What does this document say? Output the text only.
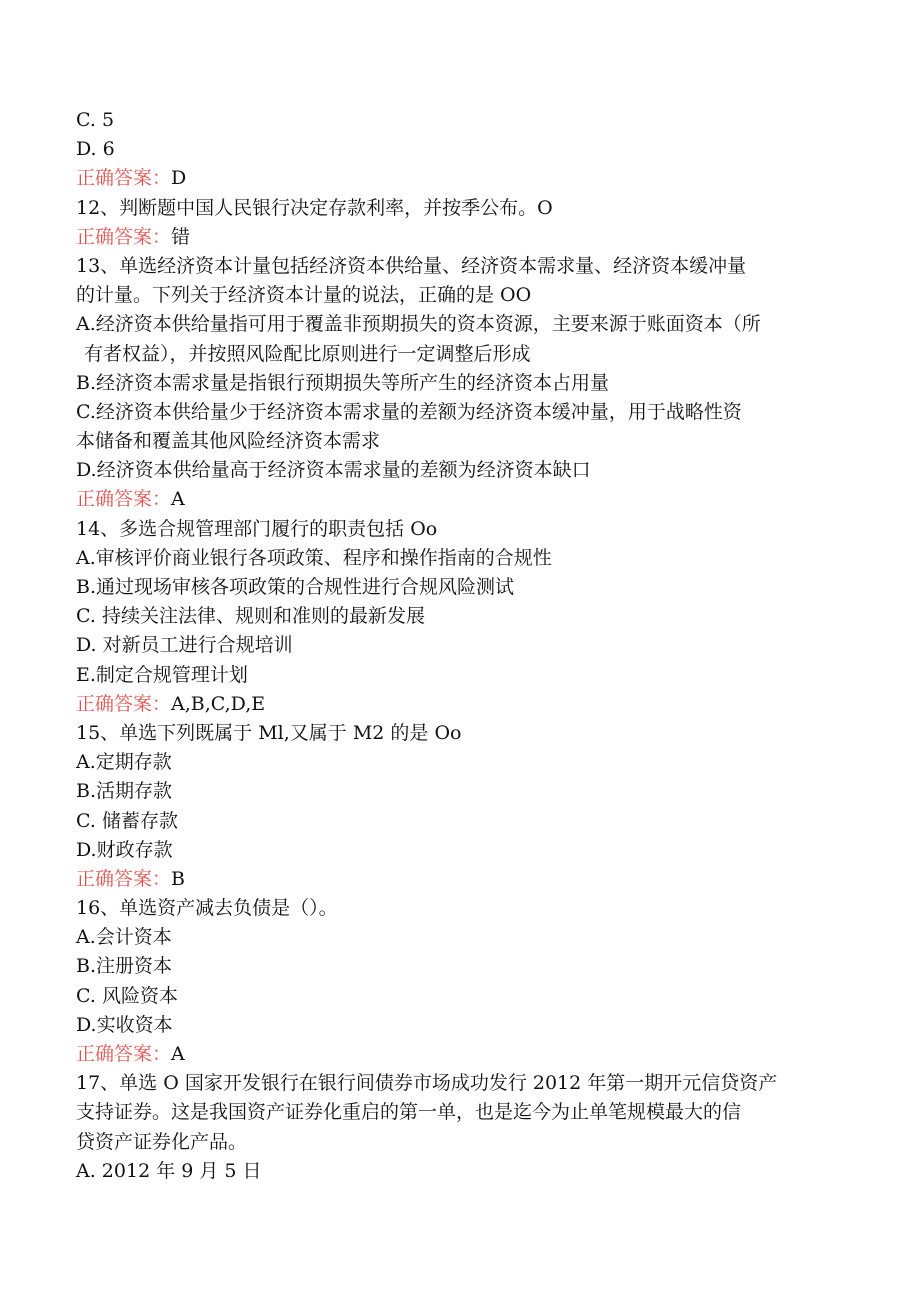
C. 5
D. 6
正确答案：D
12、判断题中国人民银行决定存款利率，并按季公布。O
正确答案：错
13、单选经济资本计量包括经济资本供给量、经济资本需求量、经济资本缓冲量
的计量。下列关于经济资本计量的说法，正确的是 OO
A.经济资本供给量指可用于覆盖非预期损失的资本资源，主要来源于账面资本（所
有者权益），并按照风险配比原则进行一定调整后形成
B.经济资本需求量是指银行预期损失等所产生的经济资本占用量
C.经济资本供给量少于经济资本需求量的差额为经济资本缓冲量，用于战略性资
本储备和覆盖其他风险经济资本需求
D.经济资本供给量高于经济资本需求量的差额为经济资本缺口
正确答案：A
14、多选合规管理部门履行的职责包括 Oo
A.审核评价商业银行各项政策、程序和操作指南的合规性
B.通过现场审核各项政策的合规性进行合规风险测试
C. 持续关注法律、规则和准则的最新发展
D. 对新员工进行合规培训
E.制定合规管理计划
正确答案：A,B,C,D,E
15、单选下列既属于 Ml,又属于 M2 的是 Oo
A.定期存款
B.活期存款
C. 储蓄存款
D.财政存款
正确答案：B
16、单选资产减去负债是（）。
A.会计资本
B.注册资本
C. 风险资本
D.实收资本
正确答案：A
17、单选 O 国家开发银行在银行间债券市场成功发行 2012 年第一期开元信贷资产
支持证券。这是我国资产证券化重启的第一单，也是迄今为止单笔规模最大的信
贷资产证券化产品。
A. 2012 年 9 月 5 日
